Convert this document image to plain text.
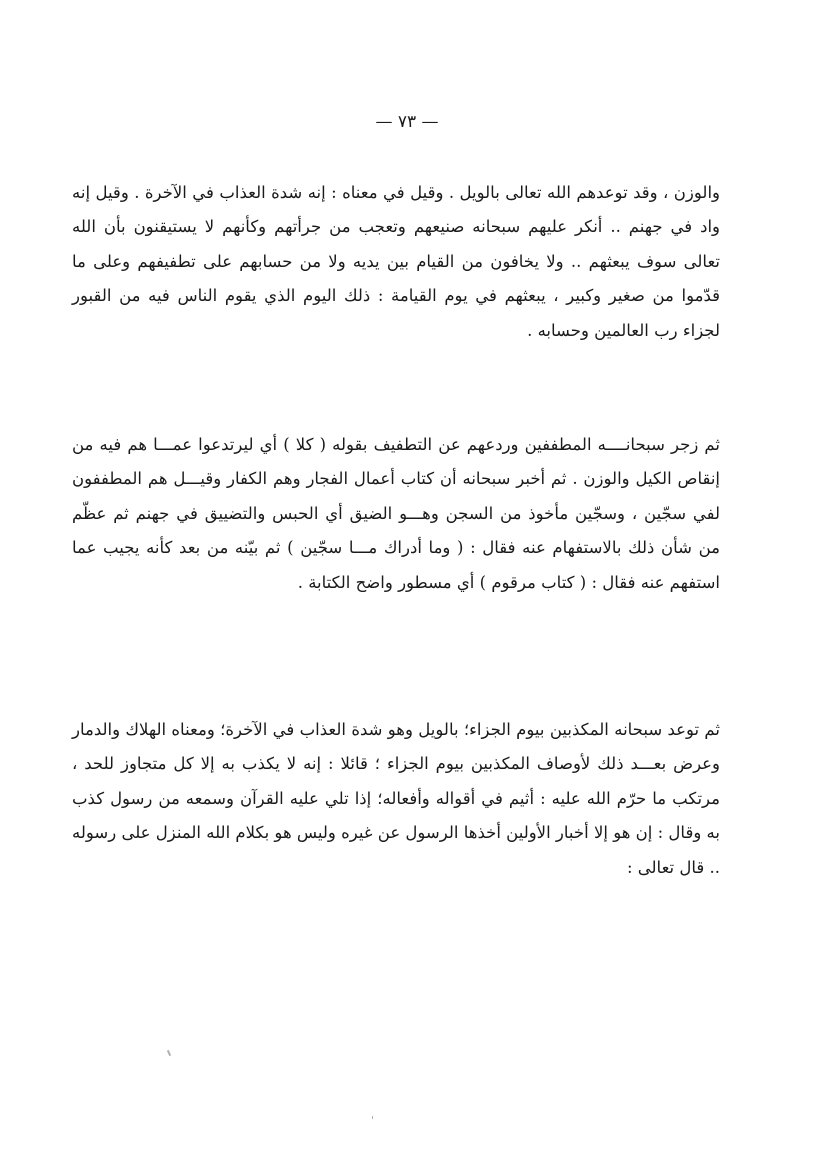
— ٧٣ —

والوزن ، وقد توعدهم الله تعالى بالويل . وقيل في معناه : إنه شدة العذاب في الآخرة . وقيل إنه واد في جهنم .. أنكر عليهم سبحانه صنيعهم وتعجب من جرأتهم وكأنهم لا يستيقنون بأن الله تعالى سوف يبعثهم .. ولا يخافون من القيام بين يديه ولا من حسابهم على تطفيفهم وعلى ما قدّموا من صغير وكبير ، يبعثهم في يوم القيامة : ذلك اليوم الذي يقوم الناس فيه من القبور لجزاء رب العالمين وحسابه .

ثم زجر سبحانــــه المطففين وردعهم عن التطفيف بقوله ( كلا ) أي ليرتدعوا عمـــا هم فيه من إنقاص الكيل والوزن . ثم أخبر سبحانه أن كتاب أعمال الفجار وهم الكفار وقيـــل هم المطففون لفي سجّين ، وسجّين مأخوذ من السجن وهـــو الضيق أي الحبس والتضييق في جهنم ثم عظّم من شأن ذلك بالاستفهام عنه فقال : ( وما أدراك مـــا سجّين ) ثم بيّنه من بعد كأنه يجيب عما استفهم عنه فقال : ( كتاب مرقوم ) أي مسطور واضح الكتابة .

ثم توعد سبحانه المكذبين بيوم الجزاء؛ بالويل وهو شدة العذاب في الآخرة؛ ومعناه الهلاك والدمار وعرض بعـــد ذلك لأوصاف المكذبين بيوم الجزاء ؛ قائلا : إنه لا يكذب به إلا كل متجاوز للحد ، مرتكب ما حرّم الله عليه : أثيم في أقواله وأفعاله؛ إذا تلي عليه القرآن وسمعه من رسول كذب به وقال : إن هو إلا أخبار الأولين أخذها الرسول عن غيره وليس هو بكلام الله المنزل على رسوله .. قال تعالى :
